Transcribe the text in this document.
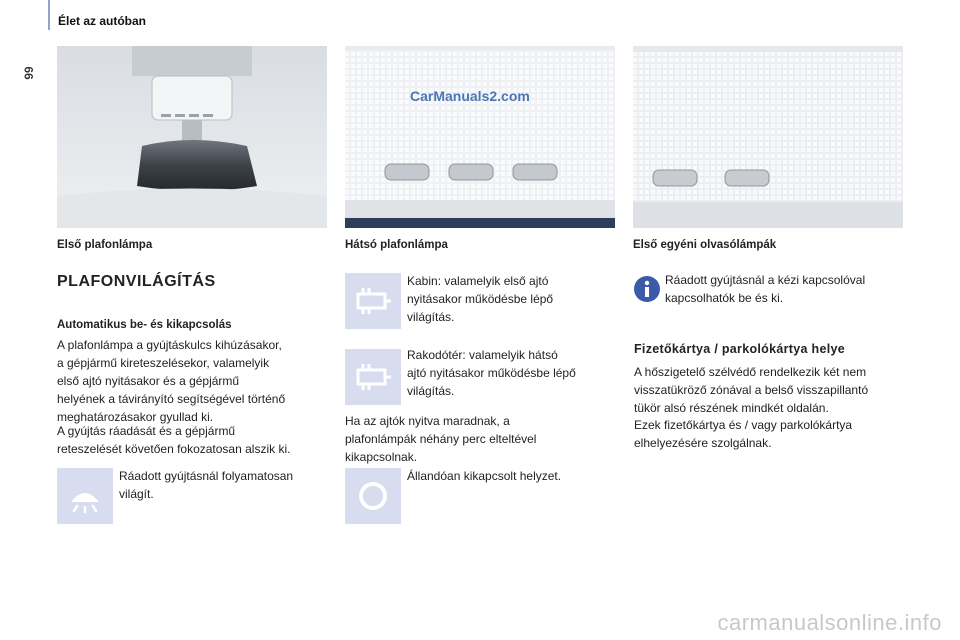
66
Élet az autóban
CarManuals2.com
Első plafonlámpa	Hátsó plafonlámpa	Első egyéni olvasólámpák
PLAFONVILÁGÍTÁS
Automatikus be- és kikapcsolás
A plafonlámpa a gyújtáskulcs kihúzásakor,
a gépjármű kireteszelésekor, valamelyik
első ajtó nyitásakor és a gépjármű
helyének a távirányító segítségével történő
meghatározásakor gyullad ki.
A gyújtás ráadását és a gépjármű
reteszelését követően fokozatosan alszik ki.
Ráadott gyújtásnál folyamatosan
világít.
Kabin: valamelyik első ajtó
nyitásakor működésbe lépő
világítás.
Rakodótér: valamelyik hátsó
ajtó nyitásakor működésbe lépő
világítás.
Ha az ajtók nyitva maradnak, a
plafonlámpák néhány perc elteltével
kikapcsolnak.
Állandóan kikapcsolt helyzet.
Ráadott gyújtásnál a kézi kapcsolóval
kapcsolhatók be és ki.
Fizetőkártya / parkolókártya helye
A hőszigetelő szélvédő rendelkezik két nem
visszatükröző zónával a belső visszapillantó
tükör alsó részének mindkét oldalán.
Ezek fizetőkártya és / vagy parkolókártya
elhelyezésére szolgálnak.
carmanualsonline.info
